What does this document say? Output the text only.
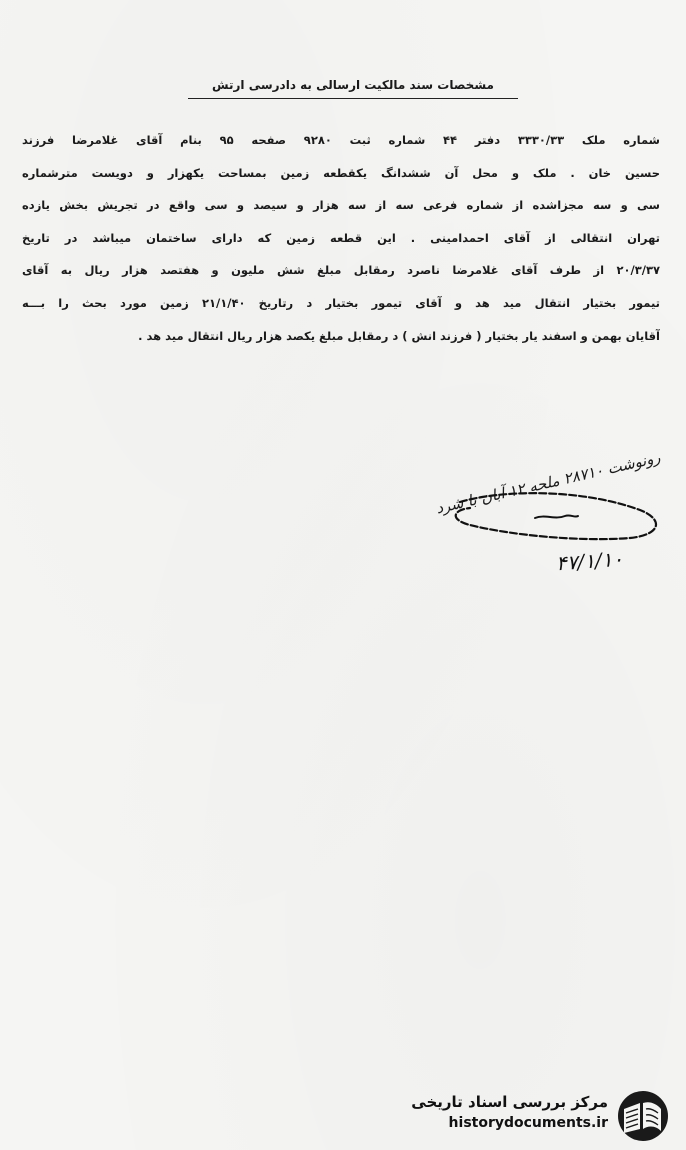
مشخصات سند مالکیت ارسالی به دادرسی ارتش
شماره ملک ۳۳۳۰/۳۳ دفتر ۴۴ شماره ثبت ۹۲۸۰ صفحه ۹۵ بنام آقای غلامرضا فرزند
حسین خان . ملک و محل آن ششدانگ یکقطعه زمین بمساحت یکهزار و دویست مترشماره
سی و سه مجزاشده از شماره فرعی سه از سه هزار و سیصد و سی واقع در تجریش بخش یازده
تهران انتقالی از آقای احمدامینی . این قطعه زمین که دارای ساختمان میباشد در تاریخ
۲۰/۳/۳۷ از طرف آقای غلامرضا ناصرد رمقابل مبلغ شش ملیون و هفتصد هزار ریال به آقای
تیمور بختیار انتقال مید هد و آقای تیمور بختیار د رتاریخ ۲۱/۱/۴۰ زمین مورد بحث را بـــه
آقایان بهمن و اسفند یار بختیار ( فرزند انش ) د رمقابل مبلغ یکصد هزار ریال انتقال مید هد .
رونوشت ۲۸۷۱۰ ملحه ۱۲ آبان با شرد
۴۷/۱/۱۰
مرکز بررسی اسناد تاریخی
historydocuments.ir
